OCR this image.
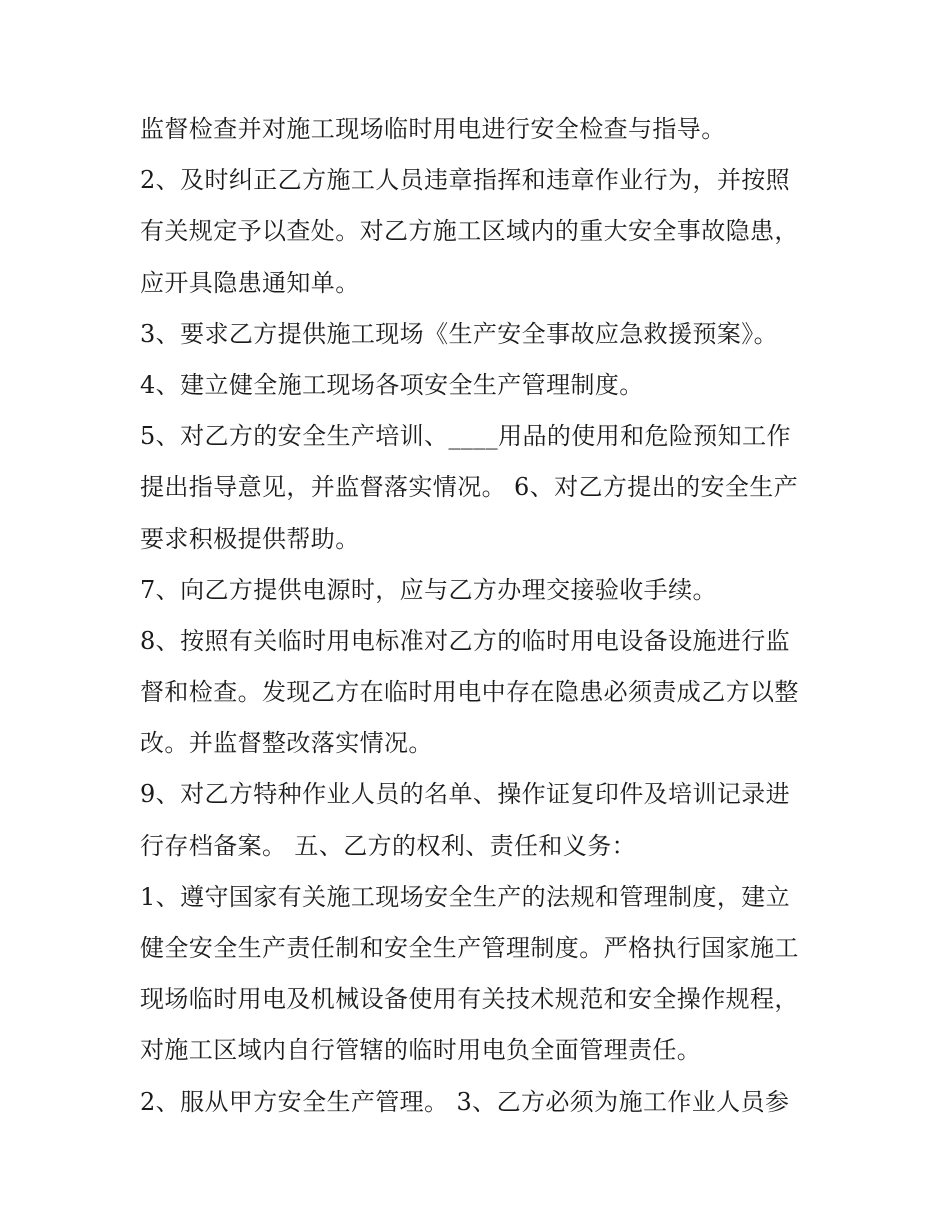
监督检查并对施工现场临时用电进行安全检查与指导。
2、及时纠正乙方施工人员违章指挥和违章作业行为，并按照
有关规定予以查处。对乙方施工区域内的重大安全事故隐患，
应开具隐患通知单。
3、要求乙方提供施工现场《生产安全事故应急救援预案》。
4、建立健全施工现场各项安全生产管理制度。
5、对乙方的安全生产培训、____用品的使用和危险预知工作
提出指导意见，并监督落实情况。 6、对乙方提出的安全生产
要求积极提供帮助。
7、向乙方提供电源时，应与乙方办理交接验收手续。
8、按照有关临时用电标准对乙方的临时用电设备设施进行监
督和检查。发现乙方在临时用电中存在隐患必须责成乙方以整
改。并监督整改落实情况。
9、对乙方特种作业人员的名单、操作证复印件及培训记录进
行存档备案。 五、乙方的权利、责任和义务：
1、遵守国家有关施工现场安全生产的法规和管理制度，建立
健全安全生产责任制和安全生产管理制度。严格执行国家施工
现场临时用电及机械设备使用有关技术规范和安全操作规程，
对施工区域内自行管辖的临时用电负全面管理责任。
2、服从甲方安全生产管理。 3、乙方必须为施工作业人员参
